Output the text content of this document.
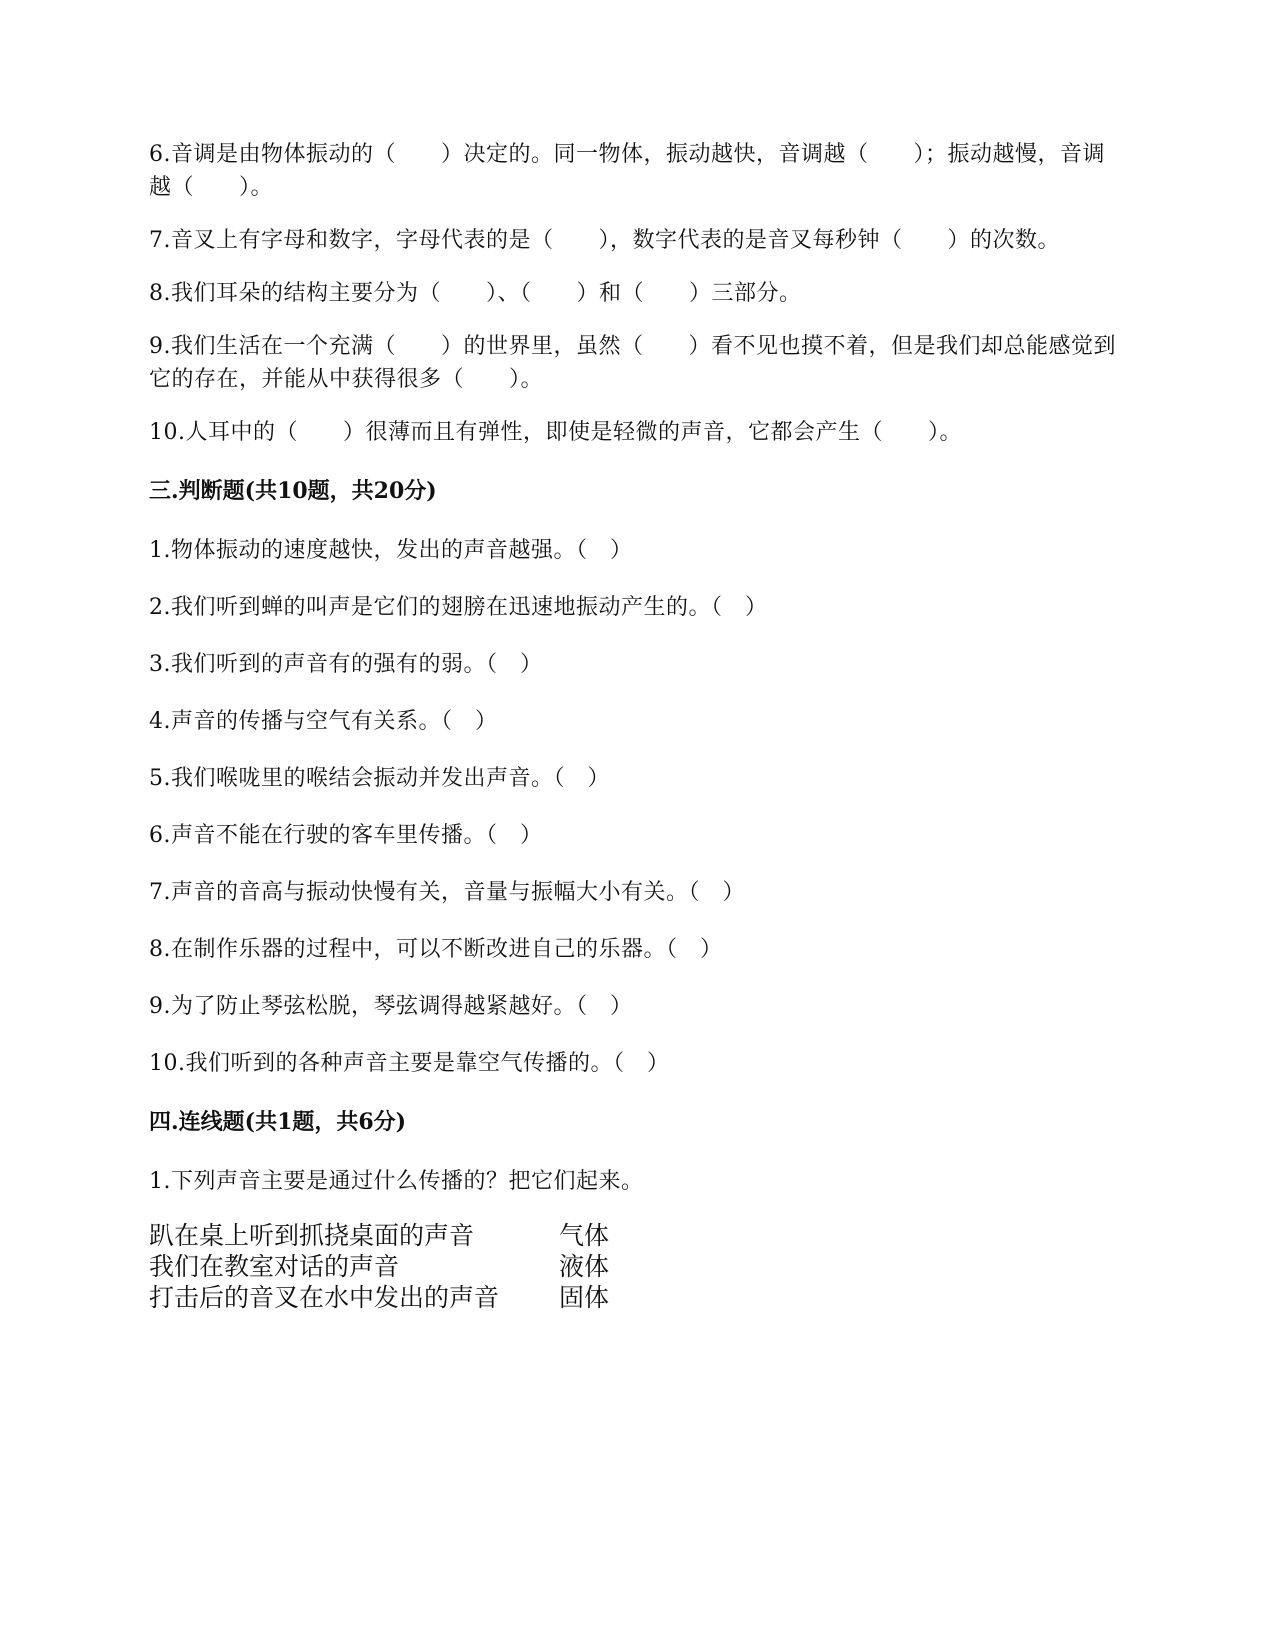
6.音调是由物体振动的（　　）决定的。同一物体，振动越快，音调越（　　）；振动越慢，音调越（　　）。

7.音叉上有字母和数字，字母代表的是（　　），数字代表的是音叉每秒钟（　　）的次数。

8.我们耳朵的结构主要分为（　　）、（　　）和（　　）三部分。

9.我们生活在一个充满（　　）的世界里，虽然（　　）看不见也摸不着，但是我们却总能感觉到它的存在，并能从中获得很多（　　）。

10.人耳中的（　　）很薄而且有弹性，即使是轻微的声音，它都会产生（　　）。

三.判断题(共10题，共20分)
1.物体振动的速度越快，发出的声音越强。（　）
2.我们听到蝉的叫声是它们的翅膀在迅速地振动产生的。（　）
3.我们听到的声音有的强有的弱。（　）
4.声音的传播与空气有关系。（　）
5.我们喉咙里的喉结会振动并发出声音。（　）
6.声音不能在行驶的客车里传播。（　）
7.声音的音高与振动快慢有关，音量与振幅大小有关。（　）
8.在制作乐器的过程中，可以不断改进自己的乐器。（　）
9.为了防止琴弦松脱，琴弦调得越紧越好。（　）
10.我们听到的各种声音主要是靠空气传播的。（　）
四.连线题(共1题，共6分)

1.下列声音主要是通过什么传播的？把它们起来。

趴在桌上听到抓挠桌面的声音	气体
我们在教室对话的声音	液体
打击后的音叉在水中发出的声音	固体
